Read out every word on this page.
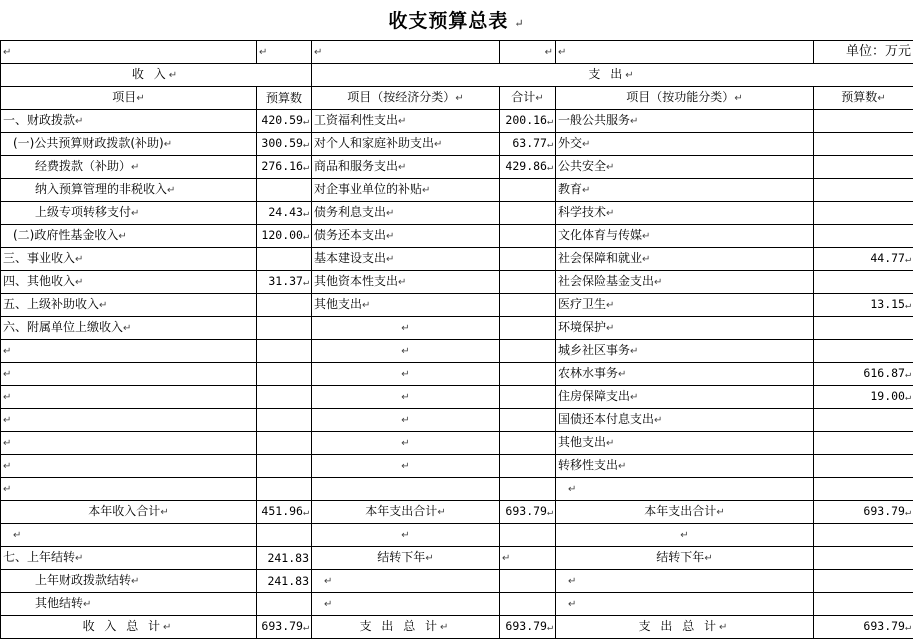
收支预算总表 ↵
↵	↵	↵	↵	↵	单位：万元
收 入↵		支 出↵			
项目↵	预算数	项目（按经济分类）↵	合计↵	项目（按功能分类）↵	预算数↵
一、财政拨款↵	420.59↵	工资福利性支出↵	200.16↵	一般公共服务↵	
(一)公共预算财政拨款(补助)↵	300.59↵	对个人和家庭补助支出↵	63.77↵	外交↵	
经费拨款（补助）↵	276.16↵	商品和服务支出↵	429.86↵	公共安全↵	
纳入预算管理的非税收入↵		对企事业单位的补贴↵		教育↵	
上级专项转移支付↵	24.43↵	债务利息支出↵		科学技术↵	
(二)政府性基金收入↵	120.00↵	债务还本支出↵		文化体育与传媒↵	
三、事业收入↵		基本建设支出↵		社会保障和就业↵	44.77↵
四、其他收入↵	31.37↵	其他资本性支出↵		社会保险基金支出↵	
五、上级补助收入↵		其他支出↵		医疗卫生↵	13.15↵
六、附属单位上缴收入↵		↵		环境保护↵	
↵		↵		城乡社区事务↵	
↵		↵		农林水事务↵	616.87↵
↵		↵		住房保障支出↵	19.00↵
↵		↵		国债还本付息支出↵	
↵		↵		其他支出↵	
↵		↵		转移性支出↵	
↵				↵	
本年收入合计↵	451.96↵	本年支出合计↵	693.79↵	本年支出合计↵	693.79↵
↵		↵		↵	
七、上年结转↵	241.83	结转下年↵	↵	结转下年↵	
上年财政拨款结转↵	241.83	↵		↵	
其他结转↵		↵		↵	
收 入 总 计↵	693.79↵	支 出 总 计↵	693.79↵	支 出 总 计↵	693.79↵
